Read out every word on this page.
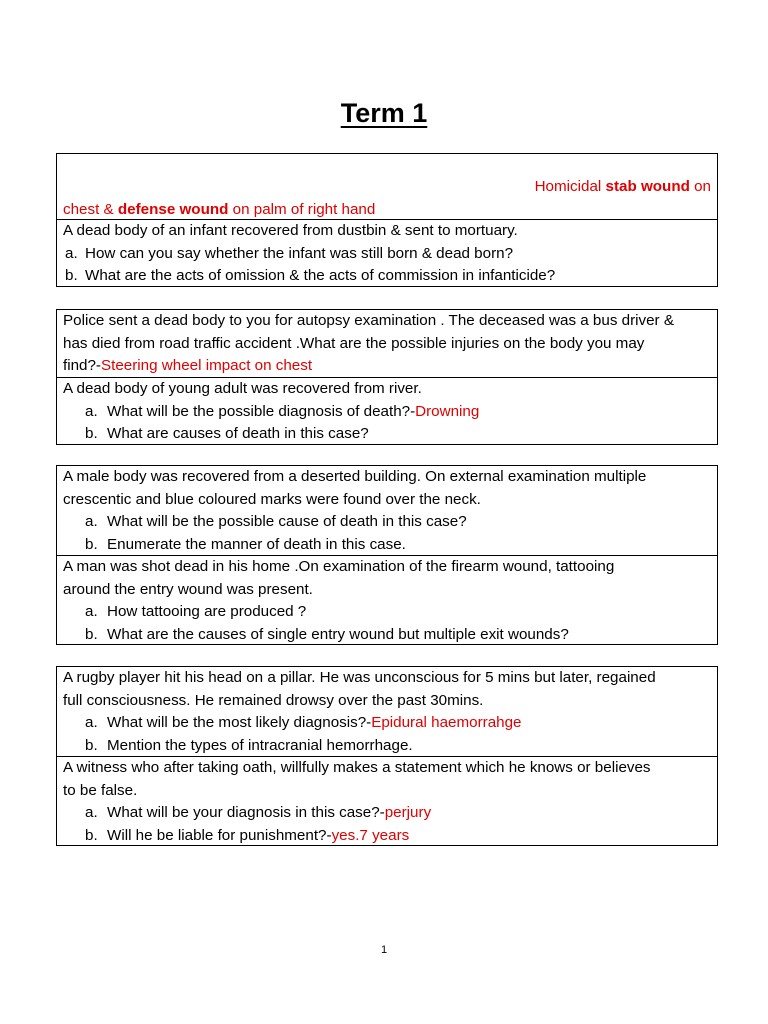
Term 1
Homicidal stab wound on
chest & defense wound on palm of right hand
A dead body of an infant recovered from dustbin & sent to mortuary.
a. How can you say whether the infant was still born & dead born?
b. What are the acts of omission & the acts of commission in infanticide?
Police sent a dead body to you for autopsy examination . The deceased was a bus driver &
has died from road traffic accident .What are the possible injuries on the body you may
find?-Steering wheel impact on chest
A dead body of young adult was recovered from river.
a. What will be the possible diagnosis of death?-Drowning
b. What are causes of death in this case?
A male body was recovered from a deserted building. On external examination multiple
crescentic and blue coloured marks were found over the neck.
a. What will be the possible cause of death in this case?
b. Enumerate the manner of death in this case.
A man was shot dead in his home .On examination of the firearm wound, tattooing
around the entry wound was present.
a. How tattooing are produced ?
b. What are the causes of single entry wound but multiple exit wounds?
A rugby player hit his head on a pillar. He was unconscious for 5 mins but later, regained
full consciousness. He remained drowsy over the past 30mins.
a. What will be the most likely diagnosis?-Epidural haemorrahge
b. Mention the types of intracranial hemorrhage.
A witness who after taking oath, willfully makes a statement which he knows or believes
to be false.
a. What will be your diagnosis in this case?-perjury
b. Will he be liable for punishment?-yes.7 years
1
